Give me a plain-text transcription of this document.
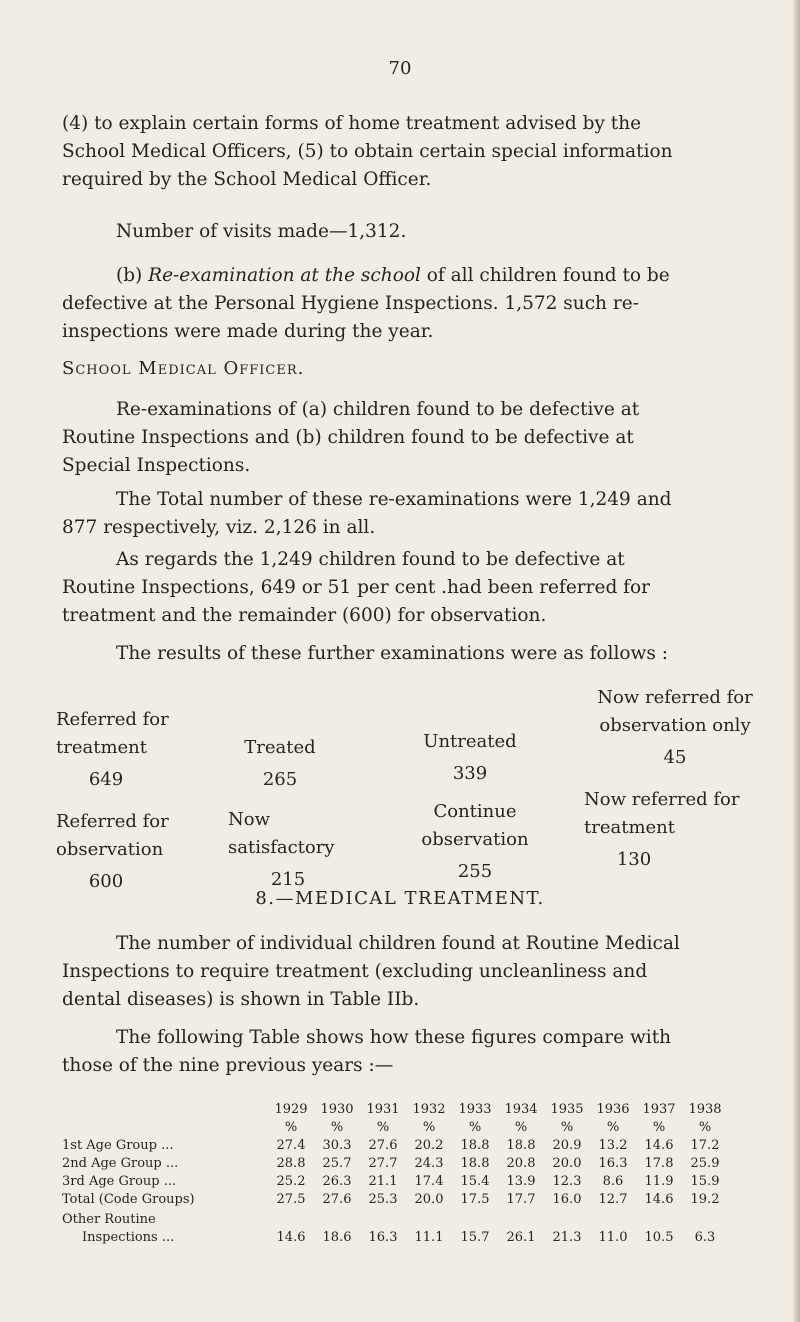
70
(4) to explain certain forms of home treatment advised by the
School Medical Officers, (5) to obtain certain special information
required by the School Medical Officer.
Number of visits made—1,312.
(b) Re-examination at the school of all children found to be
defective at the Personal Hygiene Inspections. 1,572 such re-
inspections were made during the year.
School Medical Officer.
Re-examinations of (a) children found to be defective at
Routine Inspections and (b) children found to be defective at
Special Inspections.
The Total number of these re-examinations were 1,249 and
877 respectively, viz. 2,126 in all.
As regards the 1,249 children found to be defective at
Routine Inspections, 649 or 51 per cent .had been referred for
treatment and the remainder (600) for observation.
The results of these further examinations were as follows :
Referred for
treatment
649

Treated
265

Untreated
339
Now referred for
observation only
45
Referred for
observation
600
Now
satisfactory
215
Continue
observation
255
Now referred for
treatment
130
8.—MEDICAL TREATMENT.
The number of individual children found at Routine Medical
Inspections to require treatment (excluding uncleanliness and
dental diseases) is shown in Table IIb.
The following Table shows how these figures compare with
those of the nine previous years :—
1929 1930 1931 1932 1933 1934 1935 1936 1937 1938
%	%	%	%	%	%	%	%	%	%
1st Age Group ...	27.4	30.3	27.6	20.2	18.8	18.8	20.9	13.2	14.6	17.2
2nd Age Group ...	28.8	25.7	27.7	24.3	18.8	20.8	20.0	16.3	17.8	25.9
3rd Age Group ...	25.2	26.3	21.1	17.4	15.4	13.9	12.3	8.6	11.9	15.9
Total (Code Groups)	27.5	27.6	25.3	20.0	17.5	17.7	16.0	12.7	14.6	19.2
Other Routine
Inspections ...	14.6	18.6	16.3	11.1	15.7	26.1	21.3	11.0	10.5	6.3
